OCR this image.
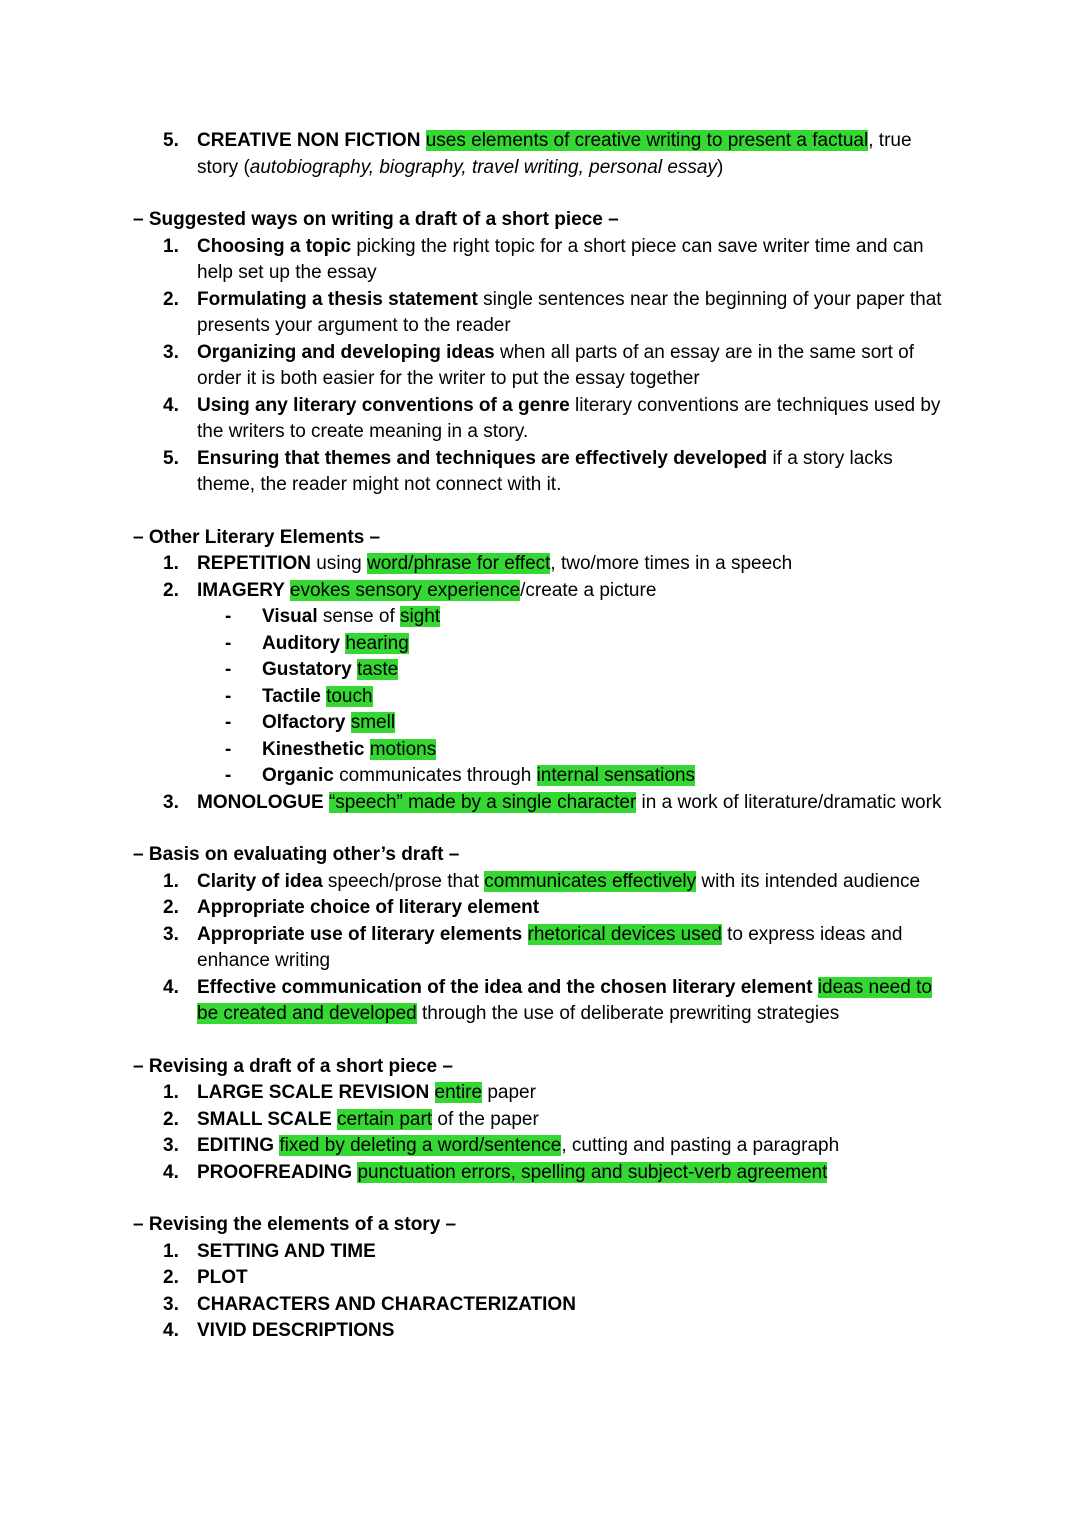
5. CREATIVE NON FICTION uses elements of creative writing to present a factual, true story (autobiography, biography, travel writing, personal essay)
– Suggested ways on writing a draft of a short piece –
1. Choosing a topic picking the right topic for a short piece can save writer time and can help set up the essay
2. Formulating a thesis statement single sentences near the beginning of your paper that presents your argument to the reader
3. Organizing and developing ideas when all parts of an essay are in the same sort of order it is both easier for the writer to put the essay together
4. Using any literary conventions of a genre literary conventions are techniques used by the writers to create meaning in a story.
5. Ensuring that themes and techniques are effectively developed if a story lacks theme, the reader might not connect with it.
– Other Literary Elements –
1. REPETITION using word/phrase for effect, two/more times in a speech
2. IMAGERY evokes sensory experience/create a picture
-	Visual sense of sight
-	Auditory hearing
-	Gustatory taste
-	Tactile touch
-	Olfactory smell
-	Kinesthetic motions
-	Organic communicates through internal sensations
3. MONOLOGUE “speech” made by a single character in a work of literature/dramatic work
– Basis on evaluating other’s draft –
1. Clarity of idea speech/prose that communicates effectively with its intended audience
2. Appropriate choice of literary element
3. Appropriate use of literary elements rhetorical devices used to express ideas and enhance writing
4. Effective communication of the idea and the chosen literary element ideas need to be created and developed through the use of deliberate prewriting strategies
– Revising a draft of a short piece –
1. LARGE SCALE REVISION entire paper
2. SMALL SCALE certain part of the paper
3. EDITING fixed by deleting a word/sentence, cutting and pasting a paragraph
4. PROOFREADING punctuation errors, spelling and subject-verb agreement
– Revising the elements of a story –
1. SETTING AND TIME
2. PLOT
3. CHARACTERS AND CHARACTERIZATION
4. VIVID DESCRIPTIONS
